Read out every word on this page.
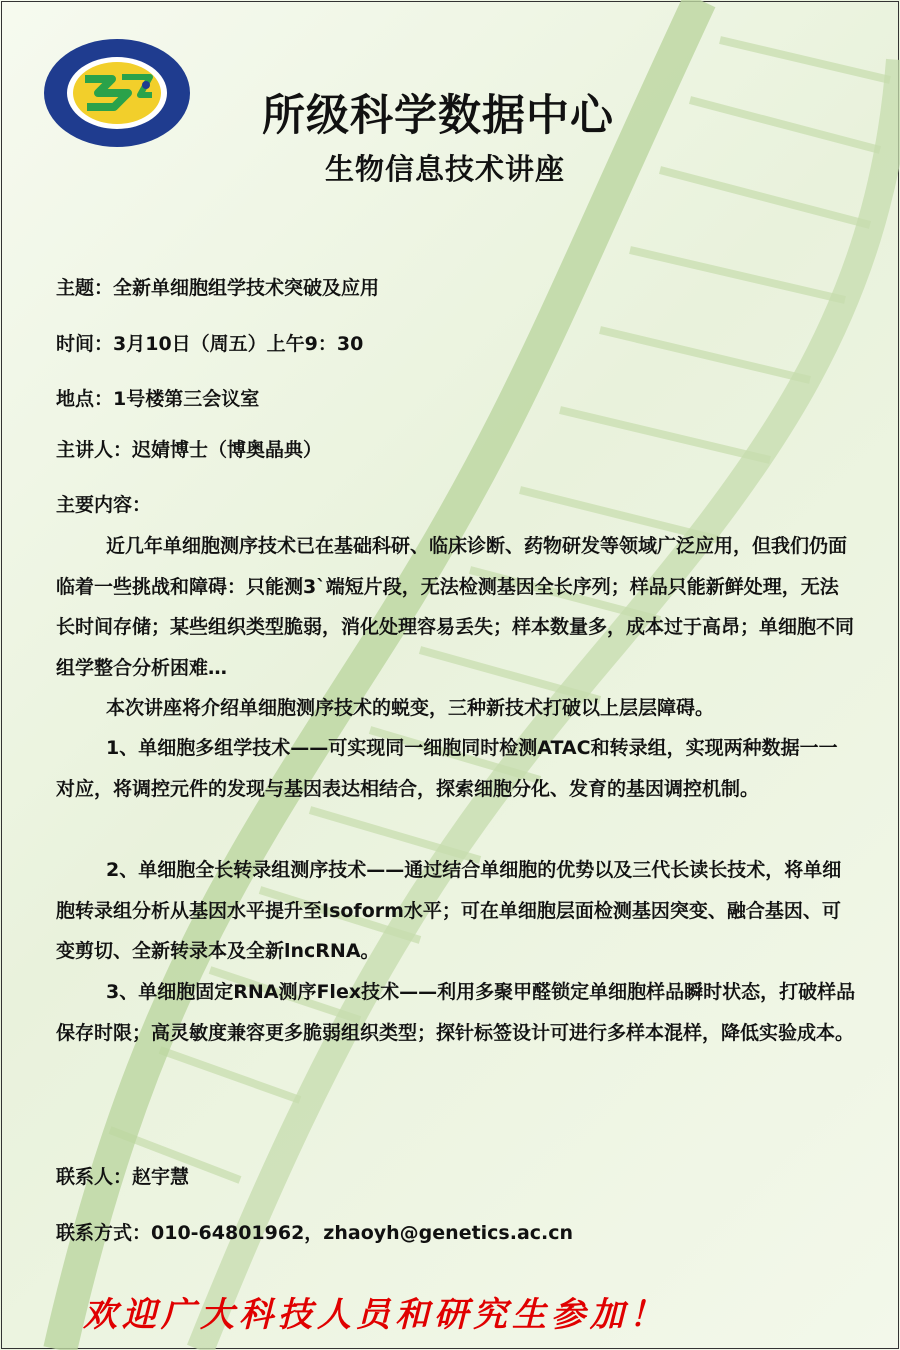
所级科学数据中心
生物信息技术讲座
主题：全新单细胞组学技术突破及应用
时间：3月10日（周五）上午9：30
地点：1号楼第三会议室
主讲人：迟婧博士（博奥晶典）
主要内容：
近几年单细胞测序技术已在基础科研、临床诊断、药物研发等领域广泛应用，但我们仍面临着一些挑战和障碍：只能测3`端短片段，无法检测基因全长序列；样品只能新鲜处理，无法长时间存储；某些组织类型脆弱，消化处理容易丢失；样本数量多，成本过于高昂；单细胞不同组学整合分析困难…
本次讲座将介绍单细胞测序技术的蜕变，三种新技术打破以上层层障碍。
1、单细胞多组学技术——可实现同一细胞同时检测ATAC和转录组，实现两种数据一一对应，将调控元件的发现与基因表达相结合，探索细胞分化、发育的基因调控机制。
2、单细胞全长转录组测序技术——通过结合单细胞的优势以及三代长读长技术，将单细胞转录组分析从基因水平提升至Isoform水平；可在单细胞层面检测基因突变、融合基因、可变剪切、全新转录本及全新lncRNA。
3、单细胞固定RNA测序Flex技术——利用多聚甲醛锁定单细胞样品瞬时状态，打破样品保存时限；高灵敏度兼容更多脆弱组织类型；探针标签设计可进行多样本混样，降低实验成本。
联系人：赵宇慧
联系方式：010-64801962，zhaoyh@genetics.ac.cn
欢迎广大科技人员和研究生参加！
